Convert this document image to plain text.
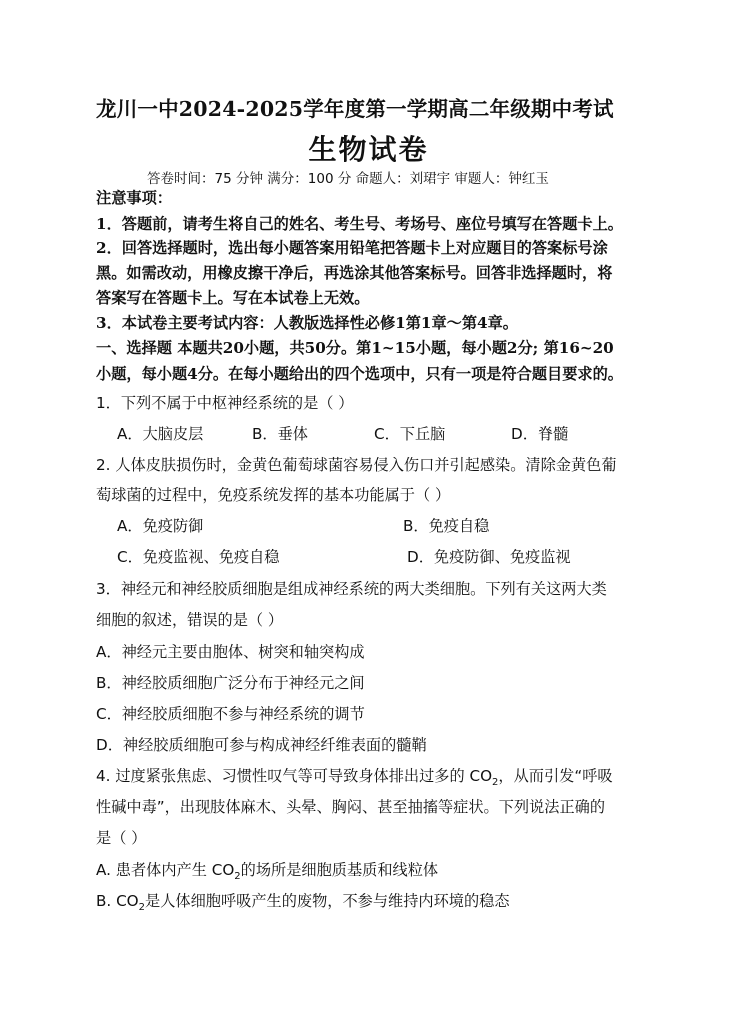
龙川一中2024-2025学年度第一学期高二年级期中考试
生物试卷
答卷时间：75 分钟 满分：100 分 命题人：刘珺宇 审题人：钟红玉
注意事项：
1．答题前，请考生将自己的姓名、考生号、考场号、座位号填写在答题卡上。
2．回答选择题时，选出每小题答案用铅笔把答题卡上对应题目的答案标号涂
黑。如需改动，用橡皮擦干净后，再选涂其他答案标号。回答非选择题时，将
答案写在答题卡上。写在本试卷上无效。
3．本试卷主要考试内容：人教版选择性必修1第1章～第4章。
一、选择题 本题共20小题，共50分。第1~15小题，每小题2分; 第16~20
小题，每小题4分。在每小题给出的四个选项中，只有一项是符合题目要求的。
1．下列不属于中枢神经系统的是（ ）
A．大脑皮层	B．垂体	C．下丘脑	D．脊髓
2. 人体皮肤损伤时，金黄色葡萄球菌容易侵入伤口并引起感染。清除金黄色葡
萄球菌的过程中，免疫系统发挥的基本功能属于（ ）
A．免疫防御	B．免疫自稳
C．免疫监视、免疫自稳	D．免疫防御、免疫监视
3．神经元和神经胶质细胞是组成神经系统的两大类细胞。下列有关这两大类
细胞的叙述，错误的是（ ）
A．神经元主要由胞体、树突和轴突构成
B．神经胶质细胞广泛分布于神经元之间
C．神经胶质细胞不参与神经系统的调节
D．神经胶质细胞可参与构成神经纤维表面的髓鞘
4. 过度紧张焦虑、习惯性叹气等可导致身体排出过多的 $CO_2$，从而引发“呼吸
性碱中毒”，出现肢体麻木、头晕、胸闷、甚至抽搐等症状。下列说法正确的
是（ ）
A. 患者体内产生 $CO_2$的场所是细胞质基质和线粒体
B. $CO_2$是人体细胞呼吸产生的废物，不参与维持内环境的稳态
